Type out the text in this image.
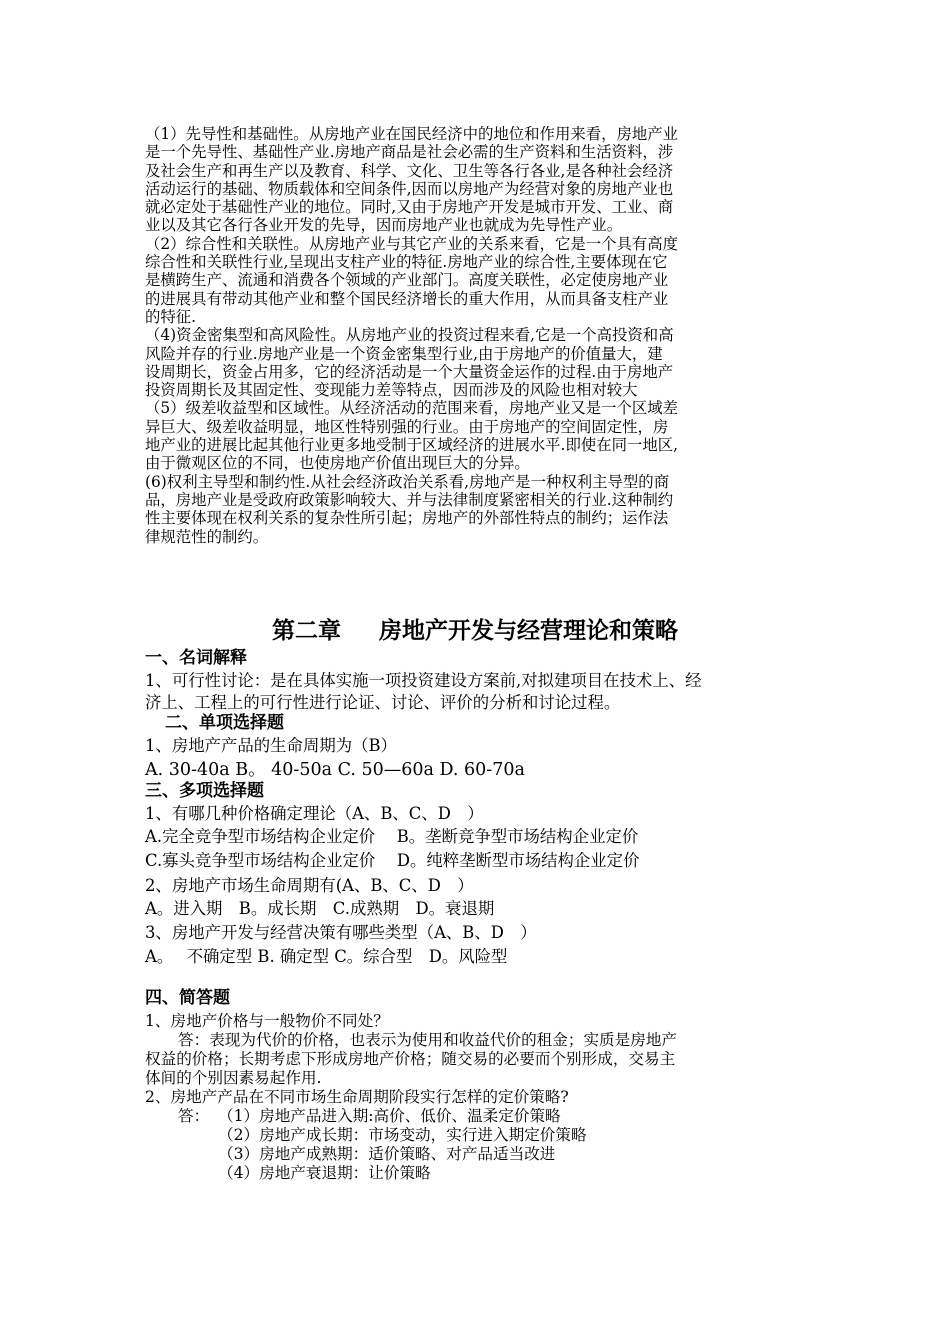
（1）先导性和基础性。从房地产业在国民经济中的地位和作用来看，房地产业
是一个先导性、基础性产业.房地产商品是社会必需的生产资料和生活资料，涉
及社会生产和再生产以及教育、科学、文化、卫生等各行各业,是各种社会经济
活动运行的基础、物质载体和空间条件,因而以房地产为经营对象的房地产业也
就必定处于基础性产业的地位。同时,又由于房地产开发是城市开发、工业、商
业以及其它各行各业开发的先导，因而房地产业也就成为先导性产业。
（2）综合性和关联性。从房地产业与其它产业的关系来看，它是一个具有高度
综合性和关联性行业,呈现出支柱产业的特征.房地产业的综合性,主要体现在它
是横跨生产、流通和消费各个领域的产业部门。高度关联性，必定使房地产业
的进展具有带动其他产业和整个国民经济增长的重大作用，从而具备支柱产业
的特征.
（4)资金密集型和高风险性。从房地产业的投资过程来看,它是一个高投资和高
风险并存的行业.房地产业是一个资金密集型行业,由于房地产的价值量大，建
设周期长，资金占用多，它的经济活动是一个大量资金运作的过程.由于房地产
投资周期长及其固定性、变现能力差等特点，因而涉及的风险也相对较大
（5）级差收益型和区域性。从经济活动的范围来看，房地产业又是一个区域差
异巨大、级差收益明显，地区性特别强的行业。由于房地产的空间固定性，房
地产业的进展比起其他行业更多地受制于区域经济的进展水平.即使在同一地区,
由于微观区位的不同，也使房地产价值出现巨大的分异。
(6)权利主导型和制约性.从社会经济政治关系看,房地产是一种权利主导型的商
品，房地产业是受政府政策影响较大、并与法律制度紧密相关的行业.这种制约
性主要体现在权利关系的复杂性所引起；房地产的外部性特点的制约；运作法
律规范性的制约。
第二章 房地产开发与经营理论和策略
一、名词解释
1、可行性讨论：是在具体实施一项投资建设方案前,对拟建项目在技术上、经
济上、工程上的可行性进行论证、讨论、评价的分析和讨论过程。
二、单项选择题
1、房地产产品的生命周期为（B）
A. 30-40a B。 40-50a C. 50—60a D. 60-70a
三、多项选择题
1、有哪几种价格确定理论（A、B、C、D　）
A.完全竞争型市场结构企业定价　 B。垄断竞争型市场结构企业定价
C.寡头竞争型市场结构企业定价　 D。纯粹垄断型市场结构企业定价
2、房地产市场生命周期有(A、B、C、D　）
A。进入期　B。成长期　C.成熟期　D。衰退期
3、房地产开发与经营决策有哪些类型（A、B、D　）
A。　 不确定型 B. 确定型 C。综合型　D。风险型
四、简答题
1、房地产价格与一般物价不同处？
答：表现为代价的价格，也表示为使用和收益代价的租金；实质是房地产
权益的价格；长期考虑下形成房地产价格；随交易的必要而个别形成，交易主
体间的个别因素易起作用.
2、房地产产品在不同市场生命周期阶段实行怎样的定价策略?
答： （1）房地产品进入期:高价、低价、温柔定价策略
（2）房地产成长期：市场变动，实行进入期定价策略
（3）房地产成熟期：适价策略、对产品适当改进
（4）房地产衰退期：让价策略
